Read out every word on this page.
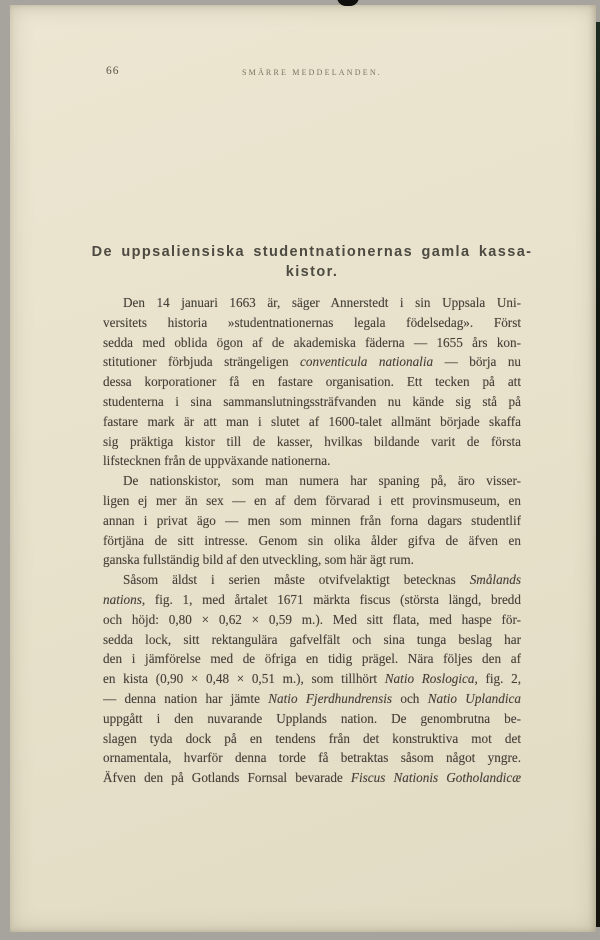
66	SMÄRRE MEDDELANDEN.
De uppsaliensiska studentnationernas gamla kassa-
kistor.
Den 14 januari 1663 är, säger Annerstedt i sin Uppsala Uni-
versitets historia »studentnationernas legala födelsedag». Först
sedda med oblida ögon af de akademiska fäderna — 1655 års kon-
stitutioner förbjuda strängeligen conventicula nationalia — börja nu
dessa korporationer få en fastare organisation. Ett tecken på att
studenterna i sina sammanslutningssträfvanden nu kände sig stå på
fastare mark är att man i slutet af 1600-talet allmänt började skaffa
sig präktiga kistor till de kasser, hvilkas bildande varit de första
lifstecknen från de uppväxande nationerna.
De nationskistor, som man numera har spaning på, äro visser-
ligen ej mer än sex — en af dem förvarad i ett provinsmuseum, en
annan i privat ägo — men som minnen från forna dagars studentlif
förtjäna de sitt intresse. Genom sin olika ålder gifva de äfven en
ganska fullständig bild af den utveckling, som här ägt rum.
Såsom äldst i serien måste otvifvelaktigt betecknas Smålands
nations, fig. 1, med årtalet 1671 märkta fiscus (största längd, bredd
och höjd: 0,80 × 0,62 × 0,59 m.). Med sitt flata, med haspe för-
sedda lock, sitt rektangulära gafvelfält och sina tunga beslag har
den i jämförelse med de öfriga en tidig prägel. Nära följes den af
en kista (0,90 × 0,48 × 0,51 m.), som tillhört Natio Roslogica, fig. 2,
— denna nation har jämte Natio Fjerdhundrensis och Natio Uplandica
uppgått i den nuvarande Upplands nation. De genombrutna be-
slagen tyda dock på en tendens från det konstruktiva mot det
ornamentala, hvarför denna torde få betraktas såsom något yngre.
Äfven den på Gotlands Fornsal bevarade Fiscus Nationis Gotholandicæ
